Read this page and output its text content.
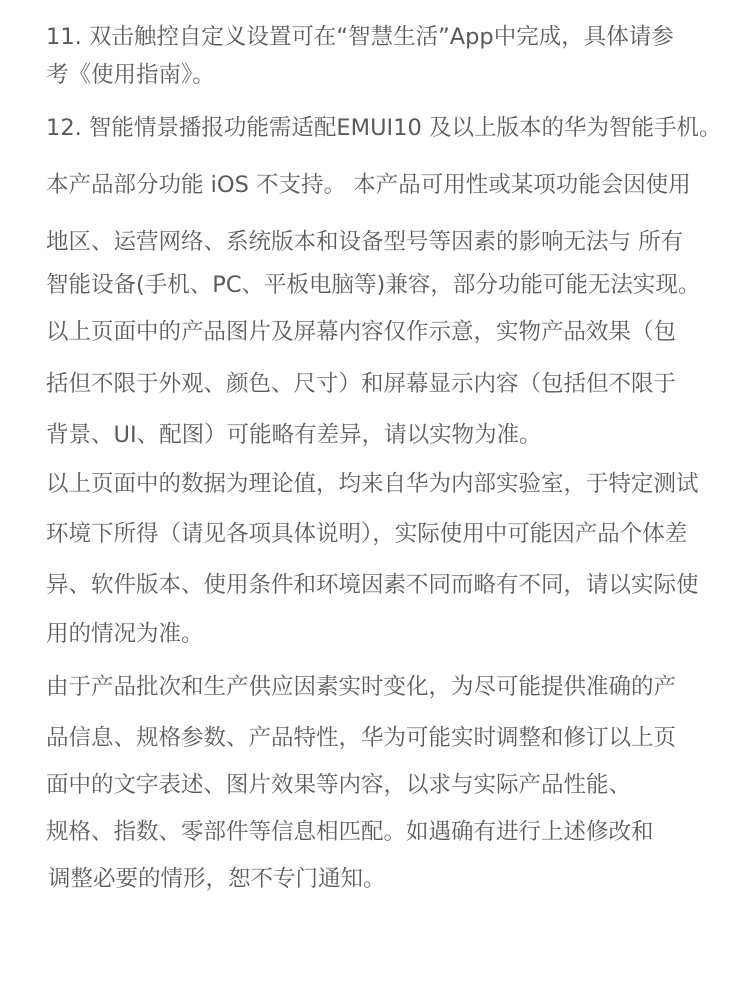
11. 双击触控自定义设置可在“智慧生活”App中完成，具体请参

考《使用指南》。

12. 智能情景播报功能需适配EMUI10 及以上版本的华为智能手机。

本产品部分功能 iOS 不支持。 本产品可用性或某项功能会因使用

地区、运营网络、系统版本和设备型号等因素的影响无法与 所有

智能设备(手机、PC、平板电脑等)兼容，部分功能可能无法实现。

以上页面中的产品图片及屏幕内容仅作示意，实物产品效果（包

括但不限于外观、颜色、尺寸）和屏幕显示内容（包括但不限于

背景、UI、配图）可能略有差异，请以实物为准。

以上页面中的数据为理论值，均来自华为内部实验室，于特定测试

环境下所得（请见各项具体说明），实际使用中可能因产品个体差

异、软件版本、使用条件和环境因素不同而略有不同，请以实际使

用的情况为准。

由于产品批次和生产供应因素实时变化，为尽可能提供准确的产

品信息、规格参数、产品特性，华为可能实时调整和修订以上页

面中的文字表述、图片效果等内容，以求与实际产品性能、

规格、指数、零部件等信息相匹配。如遇确有进行上述修改和

调整必要的情形，恕不专门通知。
